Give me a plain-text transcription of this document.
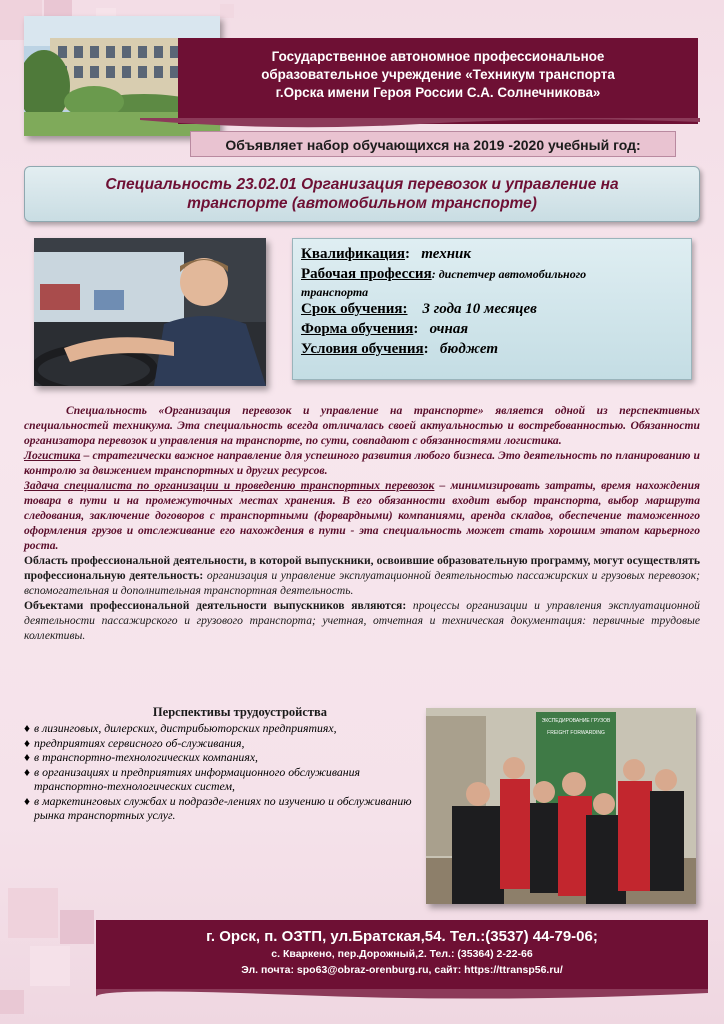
Государственное автономное профессиональное
образовательное учреждение «Техникум транспорта
г.Орска имени Героя России С.А. Солнечникова»
Объявляет набор обучающихся на 2019 -2020 учебный год:
Специальность 23.02.01 Организация перевозок и управление на
транспорте (автомобильном транспорте)
Квалификация: техник
Рабочая профессия: диспетчер автомобильного
транспорта
Срок обучения: 3 года 10 месяцев
Форма обучения: очная
Условия обучения: бюджет

Специальность «Организация перевозок и управление на транспорте» является одной из перспективных специальностей техникума. Эта специальность всегда отличалась своей актуальностью и востребованностью. Обязанности организатора перевозок и управления на транспорте, по сути, совпадают с обязанностями логистика.

Логистика – стратегически важное направление для успешного развития любого бизнеса. Это деятельность по планированию и контролю за движением транспортных и других ресурсов.

Задача специалиста по организации и проведению транспортных перевозок – минимизировать затраты, время нахождения товара в пути и на промежуточных местах хранения. В его обязанности входит выбор транспорта, выбор маршрута следования, заключение договоров с транспортными (форвардными) компаниями, аренда складов, обеспечение таможенного оформления грузов и отслеживание его нахождения в пути - эта специальность может стать хорошим этапом карьерного роста.

Область профессиональной деятельности, в которой выпускники, освоившие образовательную программу, могут осуществлять профессиональную деятельность: организация и управление эксплуатационной деятельностью пассажирских и грузовых перевозок; вспомогательная и дополнительная транспортная деятельность.

Объектами профессиональной деятельности выпускников являются: процессы организации и управления эксплуатационной деятельности пассажирского и грузового транспорта; учетная, отчетная и техническая документация: первичные трудовые коллективы.

Перспективы трудоустройства
♦ в лизинговых, дилерских, дистрибьюторских предприятиях,
♦ предприятиях сервисного об-служивания,
♦ в транспортно-технологических компаниях,
♦ в организациях и предприятиях информационного обслуживания транспортно-технологических систем,
♦ в маркетинговых службах и подразде-лениях по изучению и обслуживанию рынка транспортных услуг.
ЭКСПЕДИРОВАНИЕ ГРУЗОВ
FREIGHT FORWARDING
г. Орск, п. ОЗТП, ул.Братская,54. Тел.:(3537) 44-79-06;
с. Кваркено, пер.Дорожный,2. Тел.: (35364) 2-22-66
Эл. почта: spo63@obraz-orenburg.ru, сайт: https://ttransp56.ru/
